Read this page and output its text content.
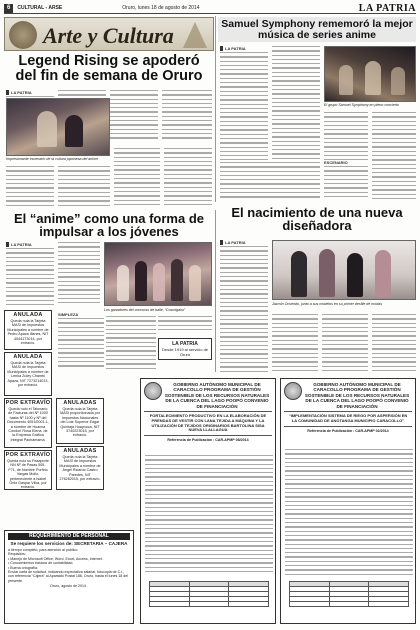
6	CULTURAL - ARSE	Oruro, lunes 18 de agosto de 2014	LA PATRIA
Arte y Cultura
Legend Rising se apoderó del fin de semana de Oruro
LA PATRIA
Impresionante escenario de la cultura japonesa del anime
Samuel Symphony rememoró la mejor música de series anime
LA PATRIA
El grupo Samuel Symphony en pleno concierto
ESCENARIO
El “anime” como una forma de impulsar a los jóvenes
LA PATRIA
Los ganadores del concurso de baile, “Cosmigaku”
SIMPLEZA
LA PATRIA
Desde 1919 al servicio de Oruro
El nacimiento de una nueva diseñadora
LA PATRIA
Jazmín Ocsendo, junto a sus modelos en su primer desfile de modas
ANULADA
Queda nula la Tarjeta MASI de Impuestos Municipales a nombre de Pedro Apaza Illanes, NIT 4044173014, por extravío.
ANULADA
Queda nula la Tarjeta MASI de Impuestos Municipales a nombre de Lenka Zuley Chambi Apaza, NIT 7273214013, por extravío.
POR EXTRAVÍO
Queda nulo el Talonario de Facturas del Nº 1000 hasta Nº 1100 y Nº del Documento 4051/0001-1, a nombre de Huanca Condori Rosa Elena, de la Empresa Gráfica Integral Pachamama.
POR EXTRAVÍO
Queda nulo su Pasaporte NN Nº de Pasas 505-F71, de Nombre Porfirio Vargas Mollo, perteneciente a Isabel Ortiz Gaspar Vilca, por extravío.
ANULADAS
Queda nula la Tarjeta MASI proporcionada por Impuestos Nacionales del Lote Superior Edgar Quintaja Huaynoca, NIT 3740223015, por extravío.
ANULADAS
Queda nula la Tarjeta MASI de Impuestos Municipales a nombre de Ángel Ricardo Castro Paredes, NIT 276262015, por extravío.
GOBIERNO AUTÓNOMO MUNICIPAL DE CARACOLLO PROGRAMA DE GESTIÓN SOSTENIBLE DE LOS RECURSOS NATURALES DE LA CUENCA DEL LAGO POOPÓ CONVENIO DE FINANCIACIÓN
FORTALECIMIENTO PRODUCTIVO EN LA ELABORACIÓN DE PRENDAS DE VESTIR CON LANA TEJIDA A MÁQUINA Y LA UTILIZACIÓN DE TEJIDOS ORIGINARIOS BARTOLINA SISA NUEVA LLALLAGUA
Referencia de Publicación : CAR-APMP 08/2014

GOBIERNO AUTÓNOMO MUNICIPAL DE CARACOLLO PROGRAMA DE GESTIÓN SOSTENIBLE DE LOS RECURSOS NATURALES DE LA CUENCA DEL LAGO POOPÓ CONVENIO DE FINANCIACIÓN
“IMPLEMENTACIÓN SISTEMA DE RIEGO POR ASPERSIÓN EN LA COMUNIDAD DE ANOTANGA MUNICIPIO CARACOLLO”
Referencia de Publicación : CAR-APMP 02/2014

REQUERIMIENTO DE PERSONAL
Se requiere los servicios de: SECRETARIA – CAJERA
a tiempo completo, para atención al público.
Requisitos:
• Manejo de Microsoft Office, Word, Excel, Access, Internet.
• Conocimientos básicos de contabilidad.
• Buena ortografía.
Enviar carta de solicitud, indicando expectativa salarial, fotocopia de C.I., con referencia “Cajera” al Apartado Postal 186, Oruro, hasta el lunes 18 del presente.
Oruro, agosto de 2014
